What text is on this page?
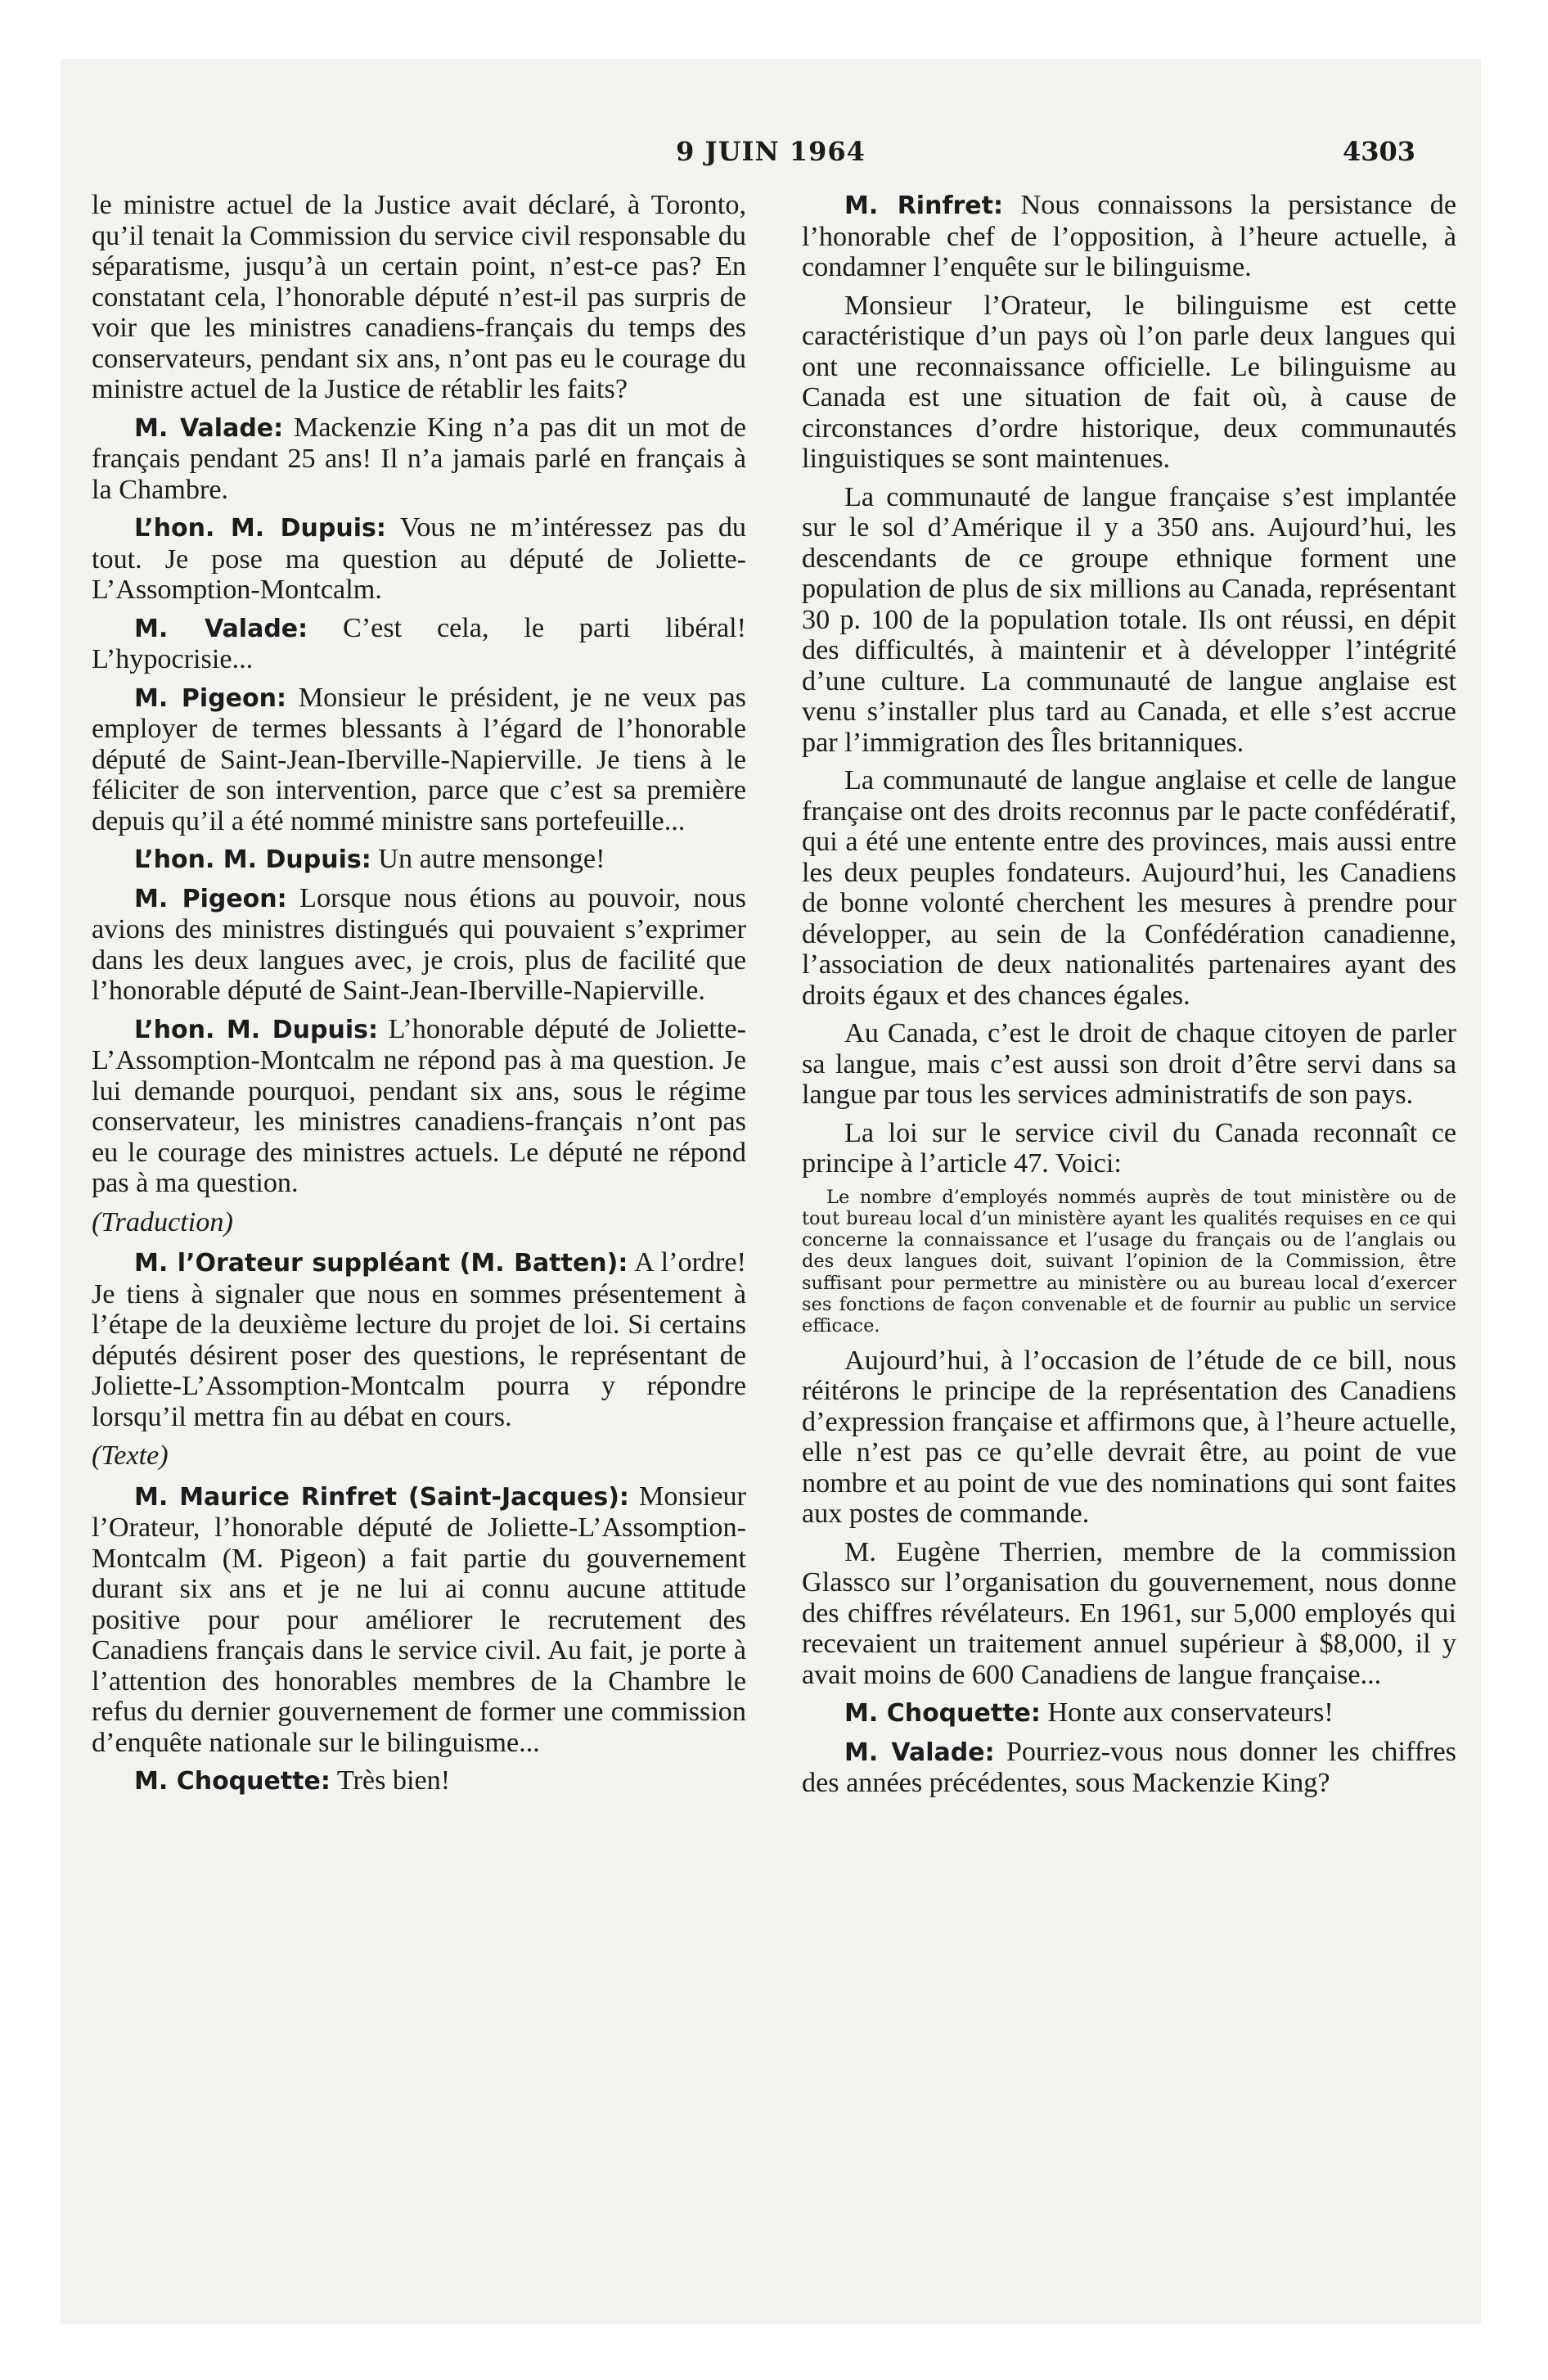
9 JUIN 1964	4303

le ministre actuel de la Justice avait déclaré, à Toronto, qu’il tenait la Commission du service civil responsable du séparatisme, jusqu’à un certain point, n’est-ce pas? En constatant cela, l’honorable député n’est-il pas surpris de voir que les ministres canadiens-français du temps des conservateurs, pendant six ans, n’ont pas eu le courage du ministre actuel de la Justice de rétablir les faits?

M. Valade: Mackenzie King n’a pas dit un mot de français pendant 25 ans! Il n’a jamais parlé en français à la Chambre.

L’hon. M. Dupuis: Vous ne m’intéressez pas du tout. Je pose ma question au député de Joliette-L’Assomption-Montcalm.

M. Valade: C’est cela, le parti libéral! L’hypocrisie...

M. Pigeon: Monsieur le président, je ne veux pas employer de termes blessants à l’égard de l’honorable député de Saint-Jean-Iberville-Napierville. Je tiens à le féliciter de son intervention, parce que c’est sa première depuis qu’il a été nommé ministre sans portefeuille...

L’hon. M. Dupuis: Un autre mensonge!

M. Pigeon: Lorsque nous étions au pouvoir, nous avions des ministres distingués qui pouvaient s’exprimer dans les deux langues avec, je crois, plus de facilité que l’honorable député de Saint-Jean-Iberville-Napierville.

L’hon. M. Dupuis: L’honorable député de Joliette-L’Assomption-Montcalm ne répond pas à ma question. Je lui demande pourquoi, pendant six ans, sous le régime conservateur, les ministres canadiens-français n’ont pas eu le courage des ministres actuels. Le député ne répond pas à ma question.

(Traduction)

M. l’Orateur suppléant (M. Batten): A l’ordre! Je tiens à signaler que nous en sommes présentement à l’étape de la deuxième lecture du projet de loi. Si certains députés désirent poser des questions, le représentant de Joliette-L’Assomption-Montcalm pourra y répondre lorsqu’il mettra fin au débat en cours.

(Texte)

M. Maurice Rinfret (Saint-Jacques): Monsieur l’Orateur, l’honorable député de Joliette-L’Assomption-Montcalm (M. Pigeon) a fait partie du gouvernement durant six ans et je ne lui ai connu aucune attitude positive pour pour améliorer le recrutement des Canadiens français dans le service civil. Au fait, je porte à l’attention des honorables membres de la Chambre le refus du dernier gouvernement de former une commission d’enquête nationale sur le bilinguisme...

M. Choquette: Très bien!

M. Rinfret: Nous connaissons la persistance de l’honorable chef de l’opposition, à l’heure actuelle, à condamner l’enquête sur le bilinguisme.

Monsieur l’Orateur, le bilinguisme est cette caractéristique d’un pays où l’on parle deux langues qui ont une reconnaissance officielle. Le bilinguisme au Canada est une situation de fait où, à cause de circonstances d’ordre historique, deux communautés linguistiques se sont maintenues.

La communauté de langue française s’est implantée sur le sol d’Amérique il y a 350 ans. Aujourd’hui, les descendants de ce groupe ethnique forment une population de plus de six millions au Canada, représentant 30 p. 100 de la population totale. Ils ont réussi, en dépit des difficultés, à maintenir et à développer l’intégrité d’une culture. La communauté de langue anglaise est venu s’installer plus tard au Canada, et elle s’est accrue par l’immigration des Îles britanniques.

La communauté de langue anglaise et celle de langue française ont des droits reconnus par le pacte confédératif, qui a été une entente entre des provinces, mais aussi entre les deux peuples fondateurs. Aujourd’hui, les Canadiens de bonne volonté cherchent les mesures à prendre pour développer, au sein de la Confédération canadienne, l’association de deux nationalités partenaires ayant des droits égaux et des chances égales.

Au Canada, c’est le droit de chaque citoyen de parler sa langue, mais c’est aussi son droit d’être servi dans sa langue par tous les services administratifs de son pays.

La loi sur le service civil du Canada reconnaît ce principe à l’article 47. Voici:

Le nombre d’employés nommés auprès de tout ministère ou de tout bureau local d’un ministère ayant les qualités requises en ce qui concerne la connaissance et l’usage du français ou de l’anglais ou des deux langues doit, suivant l’opinion de la Commission, être suffisant pour permettre au ministère ou au bureau local d’exercer ses fonctions de façon convenable et de fournir au public un service efficace.

Aujourd’hui, à l’occasion de l’étude de ce bill, nous réitérons le principe de la représentation des Canadiens d’expression française et affirmons que, à l’heure actuelle, elle n’est pas ce qu’elle devrait être, au point de vue nombre et au point de vue des nominations qui sont faites aux postes de commande.

M. Eugène Therrien, membre de la commission Glassco sur l’organisation du gouvernement, nous donne des chiffres révélateurs. En 1961, sur 5,000 employés qui recevaient un traitement annuel supérieur à $8,000, il y avait moins de 600 Canadiens de langue française...

M. Choquette: Honte aux conservateurs!

M. Valade: Pourriez-vous nous donner les chiffres des années précédentes, sous Mackenzie King?
